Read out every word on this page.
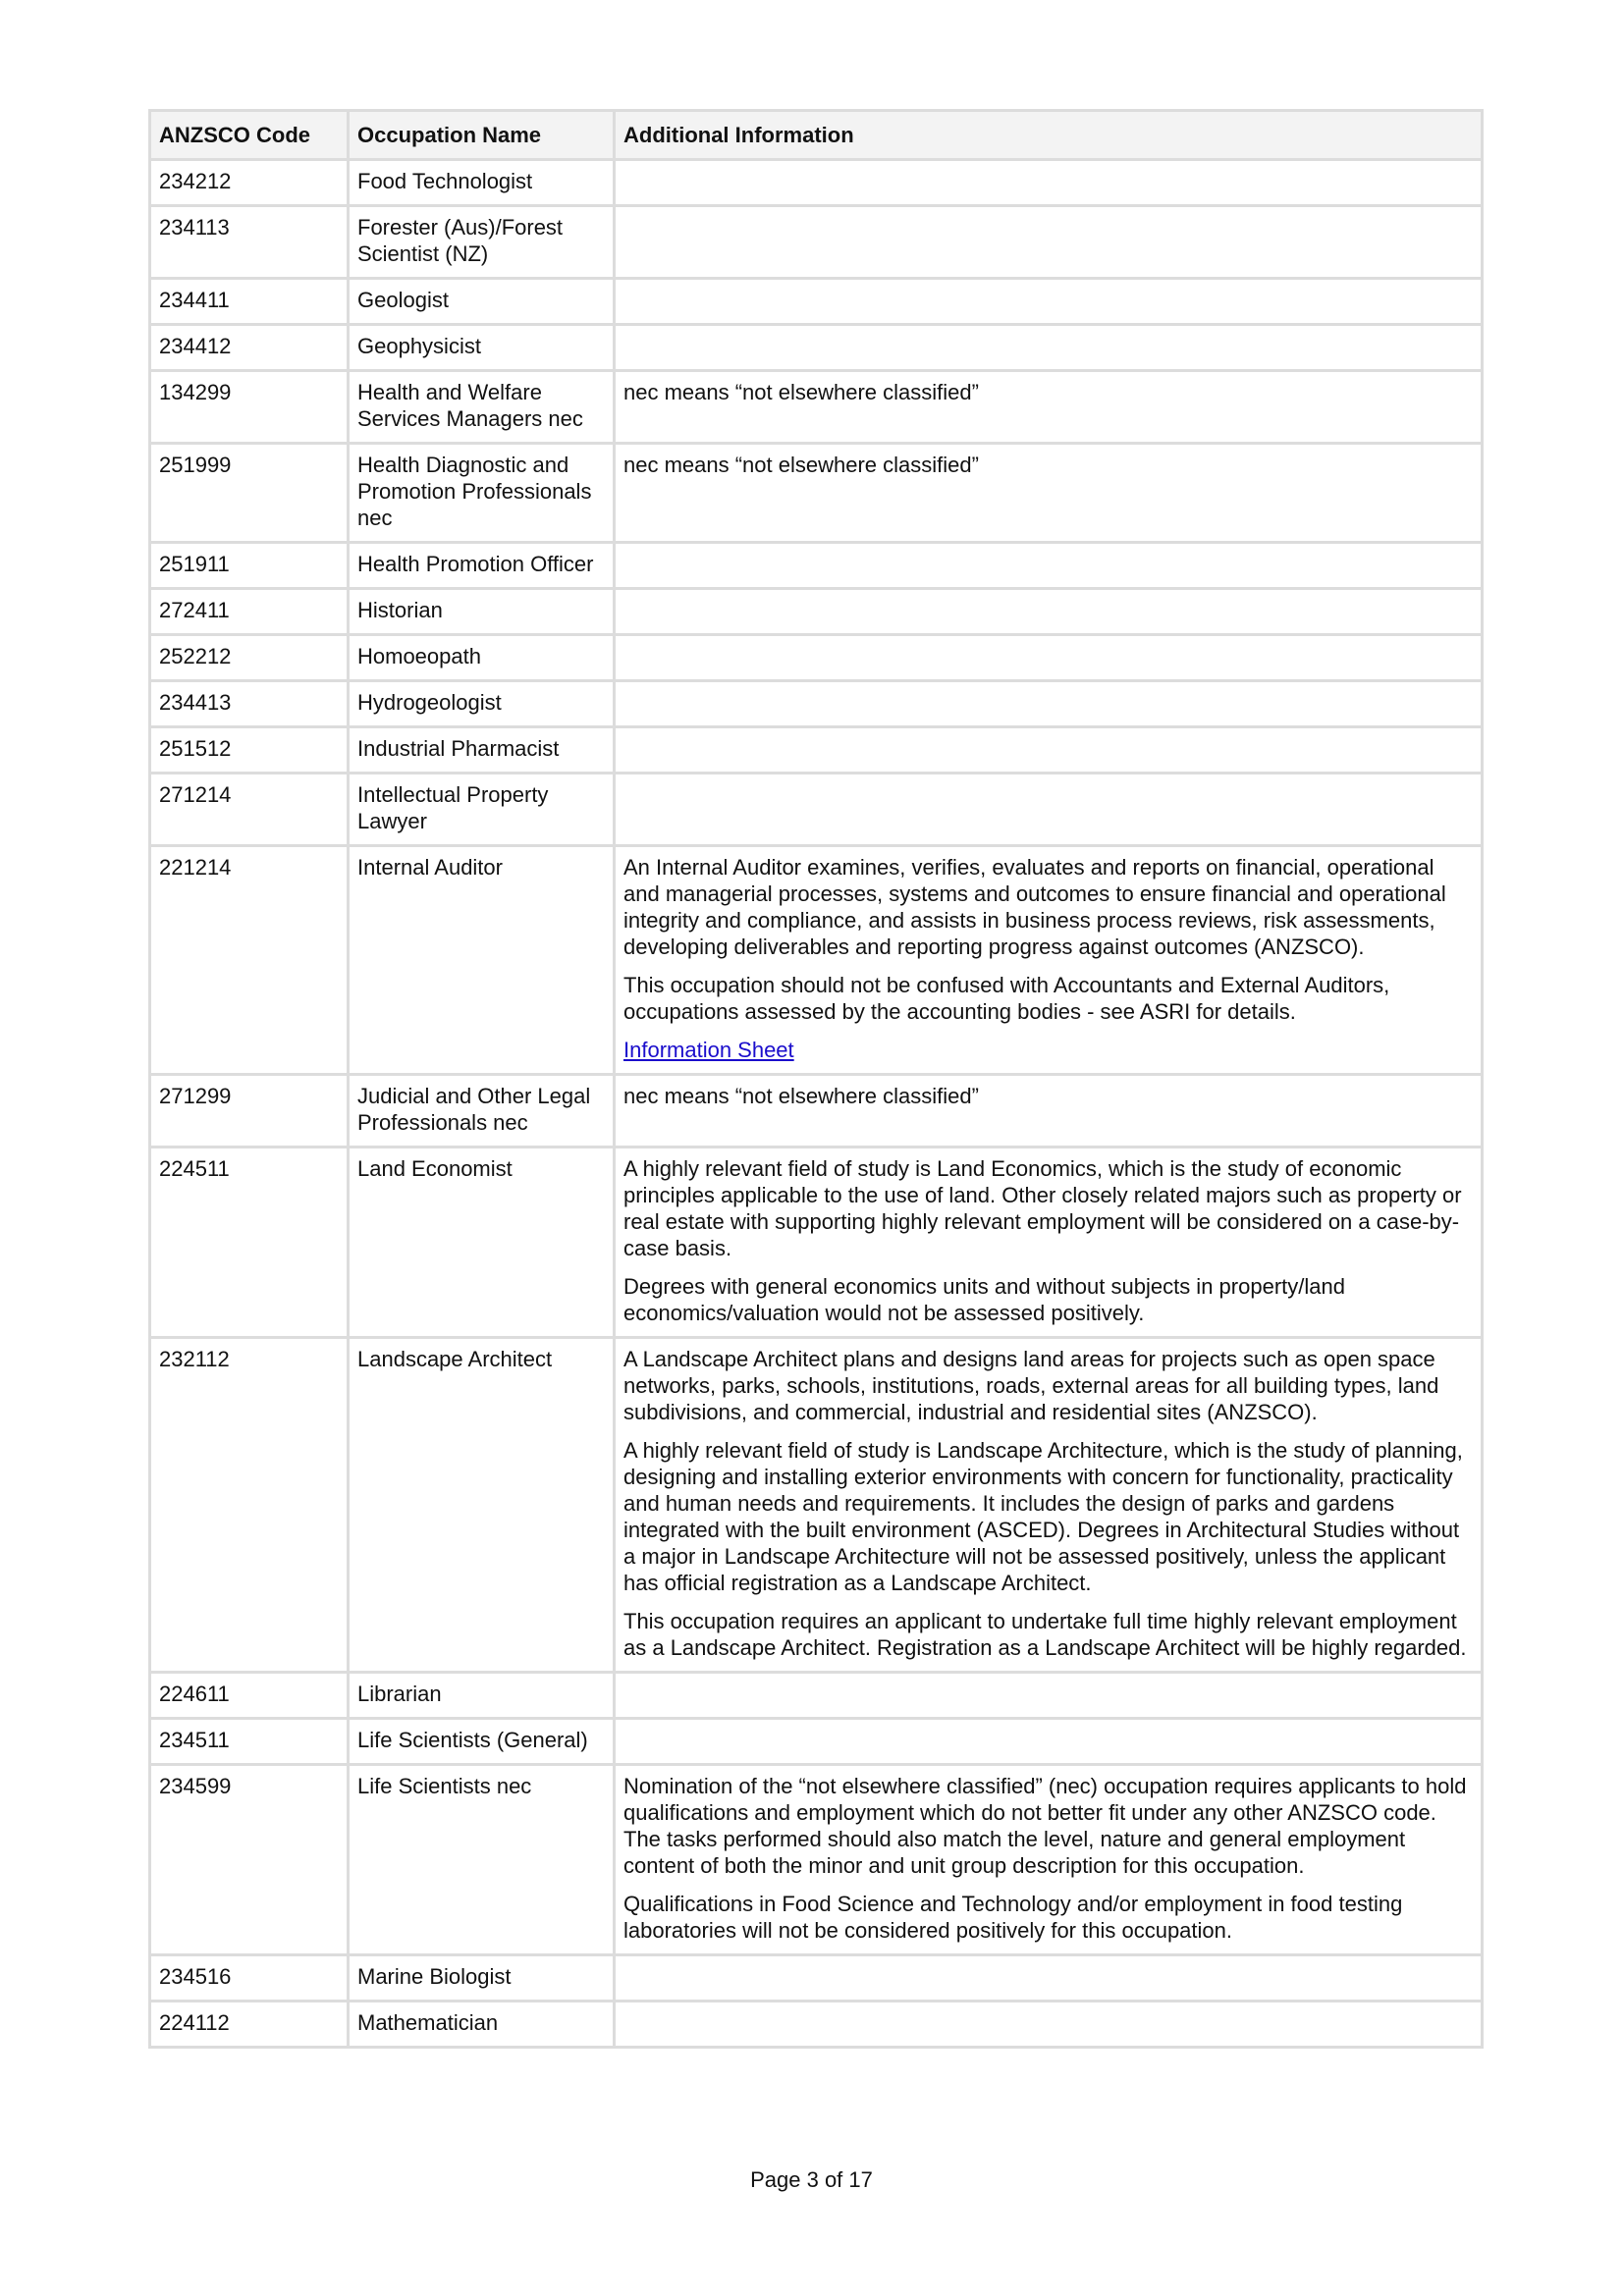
ANZSCO Code	Occupation Name	Additional Information
234212	Food Technologist	
234113	Forester (Aus)/Forest Scientist (NZ)	
234411	Geologist	
234412	Geophysicist	
134299	Health and Welfare Services Managers nec	nec means “not elsewhere classified”

251999	Health Diagnostic and Promotion Professionals nec	nec means “not elsewhere classified”

251911	Health Promotion Officer	
272411	Historian	
252212	Homoeopath	
234413	Hydrogeologist	
251512	Industrial Pharmacist	
271214	Intellectual Property Lawyer	
221214	Internal Auditor	An Internal Auditor examines, verifies, evaluates and reports on financial, operational and managerial processes, systems and outcomes to ensure financial and operational integrity and compliance, and assists in business process reviews, risk assessments, developing deliverables and reporting progress against outcomes (ANZSCO).

This occupation should not be confused with Accountants and External Auditors, occupations assessed by the accounting bodies - see ASRI for details.

Information Sheet

271299	Judicial and Other Legal Professionals nec	nec means “not elsewhere classified”

224511	Land Economist	A highly relevant field of study is Land Economics, which is the study of economic principles applicable to the use of land. Other closely related majors such as property or real estate with supporting highly relevant employment will be considered on a case-by-case basis.

Degrees with general economics units and without subjects in property/land economics/valuation would not be assessed positively.

232112	Landscape Architect	A Landscape Architect plans and designs land areas for projects such as open space networks, parks, schools, institutions, roads, external areas for all building types, land subdivisions, and commercial, industrial and residential sites (ANZSCO).

A highly relevant field of study is Landscape Architecture, which is the study of planning, designing and installing exterior environments with concern for functionality, practicality and human needs and requirements. It includes the design of parks and gardens integrated with the built environment (ASCED). Degrees in Architectural Studies without a major in Landscape Architecture will not be assessed positively, unless the applicant has official registration as a Landscape Architect.

This occupation requires an applicant to undertake full time highly relevant employment as a Landscape Architect. Registration as a Landscape Architect will be highly regarded.

224611	Librarian	
234511	Life Scientists (General)	
234599	Life Scientists nec	Nomination of the “not elsewhere classified” (nec) occupation requires applicants to hold qualifications and employment which do not better fit under any other ANZSCO code. The tasks performed should also match the level, nature and general employment content of both the minor and unit group description for this occupation.

Qualifications in Food Science and Technology and/or employment in food testing laboratories will not be considered positively for this occupation.

234516	Marine Biologist	
224112	Mathematician	
Page 3 of 17
